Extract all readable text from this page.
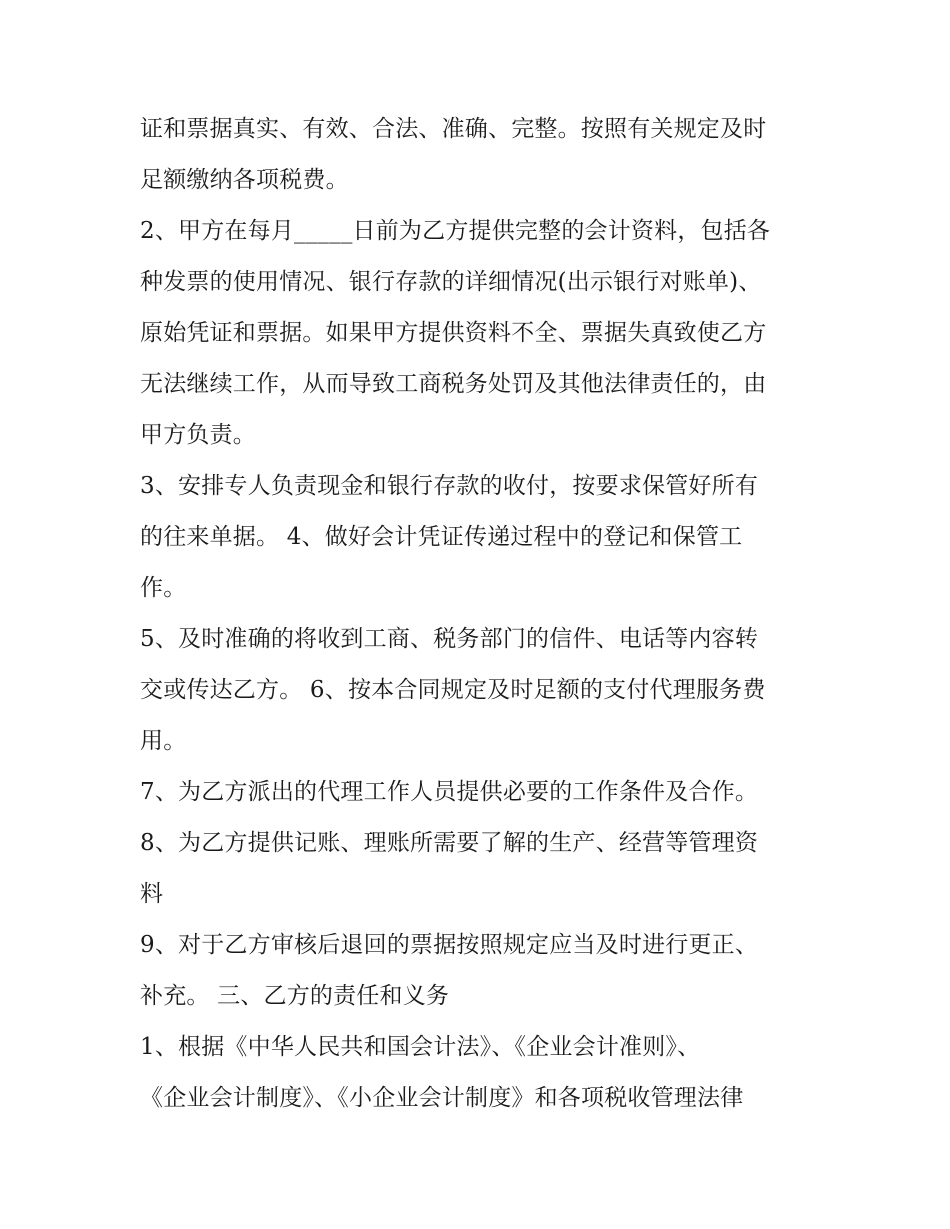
证和票据真实、有效、合法、准确、完整。按照有关规定及时
足额缴纳各项税费。
2、甲方在每月_____日前为乙方提供完整的会计资料，包括各
种发票的使用情况、银行存款的详细情况(出示银行对账单)、
原始凭证和票据。如果甲方提供资料不全、票据失真致使乙方
无法继续工作，从而导致工商税务处罚及其他法律责任的，由
甲方负责。
3、安排专人负责现金和银行存款的收付，按要求保管好所有
的往来单据。 4、做好会计凭证传递过程中的登记和保管工
作。
5、及时准确的将收到工商、税务部门的信件、电话等内容转
交或传达乙方。 6、按本合同规定及时足额的支付代理服务费
用。
7、为乙方派出的代理工作人员提供必要的工作条件及合作。
8、为乙方提供记账、理账所需要了解的生产、经营等管理资
料
9、对于乙方审核后退回的票据按照规定应当及时进行更正、
补充。 三、乙方的责任和义务
1、根据《中华人民共和国会计法》、《企业会计准则》、
《企业会计制度》、《小企业会计制度》和各项税收管理法律
